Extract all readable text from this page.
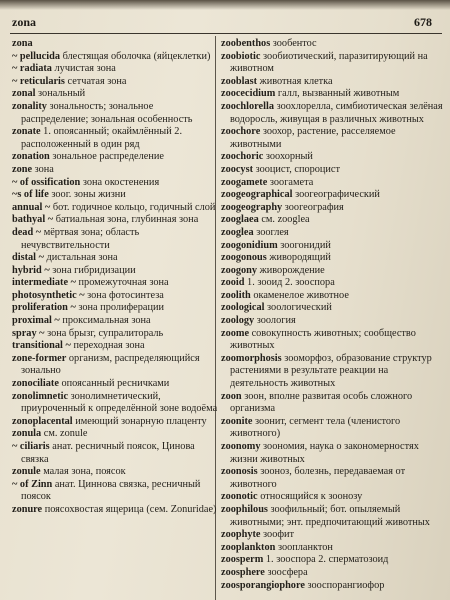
zona	678

zona

~ pellucida блестящая оболочка (яйцеклетки)

~ radiata лучистая зона

~ reticularis сетчатая зона

zonal зональный

zonality зональность; зональное распределение; зональная особенность

zonate 1. опоясанный; окаймлённый 2. расположенный в один ряд

zonation зональное распределение

zone зона

~ of ossification зона окостенения

~s of life зоог. зоны жизни

annual ~ бот. годичное кольцо, годичный слой

bathyal ~ батиальная зона, глубинная зона

dead ~ мёртвая зона; область нечувствительности

distal ~ дистальная зона

hybrid ~ зона гибридизации

intermediate ~ промежуточная зона

photosynthetic ~ зона фотосинтеза

proliferation ~ зона пролиферации

proximal ~ проксимальная зона

spray ~ зона брызг, супралитораль

transitional ~ переходная зона

zone-former организм, распределяющийся зонально

zonociliate опоясанный ресничками

zonolimnetic зонолимнетический, приуроченный к определённой зоне водоёма

zonoplacental имеющий зонарную плаценту

zonula см. zonule

~ ciliaris анат. ресничный поясок, Цинова связка

zonule малая зона, поясок

~ of Zinn анат. Циннова связка, ресничный поясок

zonure поясохвостая ящерица (сем. Zonuridae)

zoobenthos зообентос

zoobiotic зообиотический, паразитирующий на животном

zooblast животная клетка

zoocecidium галл, вызванный животным

zoochlorella зоохлорелла, симбиотическая зелёная водоросль, живущая в различных животных

zoochore зоохор, растение, расселяемое животными

zoochoric зоохорный

zoocyst зооцист, спороцист

zoogamete зоогамета

zoogeographical зоогеографический

zoogeography зоогеография

zooglaea см. zooglea

zooglea зооглея

zoogonidium зоогонидий

zoogonous живородящий

zoogony живорождение

zooid 1. зооид 2. зооспора

zoolith окаменелое животное

zoological зоологический

zoology зоология

zoome совокупность животных; сообщество животных

zoomorphosis зооморфоз, образование структур растениями в результате реакции на деятельность животных

zoon зоон, вполне развитая особь сложного организма

zoonite зоонит, сегмент тела (членистого животного)

zoonomy зоономия, наука о закономерностях жизни животных

zoonosis зооноз, болезнь, передаваемая от животного

zoonotic относящийся к зоонозу

zoophilous зоофильный; бот. опыляемый животными; энт. предпочитающий животных

zoophyte зоофит

zooplankton зоопланктон

zoosperm 1. зооспора 2. сперматозоид

zoosphere зоосфера

zoosporangiophore зооспорангиофор
